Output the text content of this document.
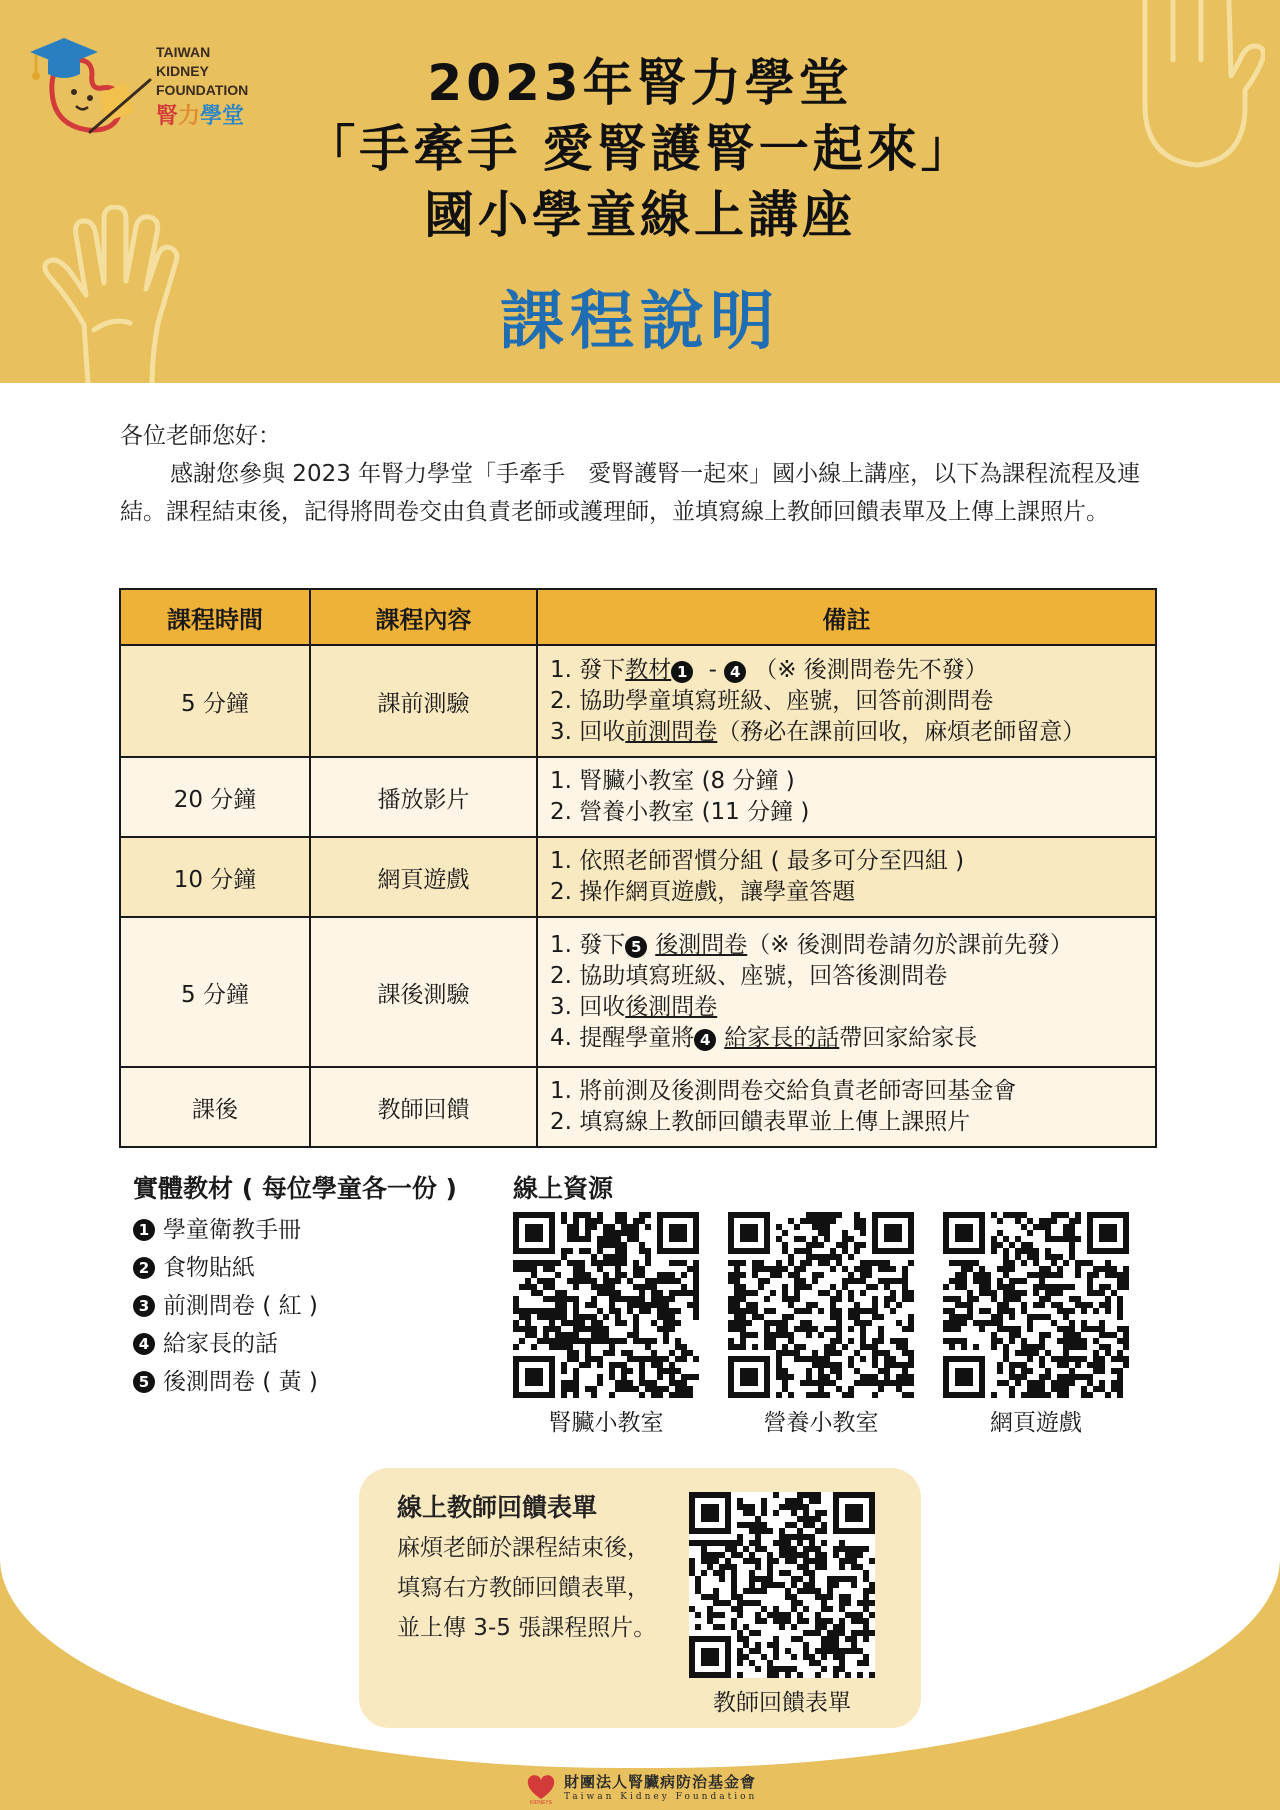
TAIWAN
KIDNEY
FOUNDATION
腎力學堂
2023年腎力學堂
「手牽手 愛腎護腎一起來」
國小學童線上講座
課程說明

各位老師您好：

感謝您參與 2023 年腎力學堂「手牽手　愛腎護腎一起來」國小線上講座，以下為課程流程及連結。課程結束後，記得將問卷交由負責老師或護理師，並填寫線上教師回饋表單及上傳上課照片。

課程時間	課程內容	備註
5 分鐘	課前測驗	1. 發下教材 1 - 4 （※ 後測問卷先不發）
2. 協助學童填寫班級、座號，回答前測問卷
3. 回收前測問卷（務必在課前回收，麻煩老師留意）

20 分鐘	播放影片	1. 腎臟小教室 (8 分鐘 )
2. 營養小教室 (11 分鐘 )

10 分鐘	網頁遊戲	1. 依照老師習慣分組 ( 最多可分至四組 )
2. 操作網頁遊戲，讓學童答題

5 分鐘	課後測驗	1. 發下 5 後測問卷（※ 後測問卷請勿於課前先發）
2. 協助填寫班級、座號，回答後測問卷
3. 回收後測問卷
4. 提醒學童將 4 給家長的話帶回家給家長

課後	教師回饋	1. 將前測及後測問卷交給負責老師寄回基金會
2. 填寫線上教師回饋表單並上傳上課照片
實體教材 ( 每位學童各一份 )
1 學童衛教手冊
2 食物貼紙
3 前測問卷 ( 紅 )
4 給家長的話
5 後測問卷 ( 黃 )
線上資源
腎臟小教室	營養小教室	網頁遊戲
線上教師回饋表單
麻煩老師於課程結束後，
填寫右方教師回饋表單，
並上傳 3-5 張課程照片。
教師回饋表單
KIDNEYS
財團法人腎臟病防治基金會
Taiwan Kidney Foundation
